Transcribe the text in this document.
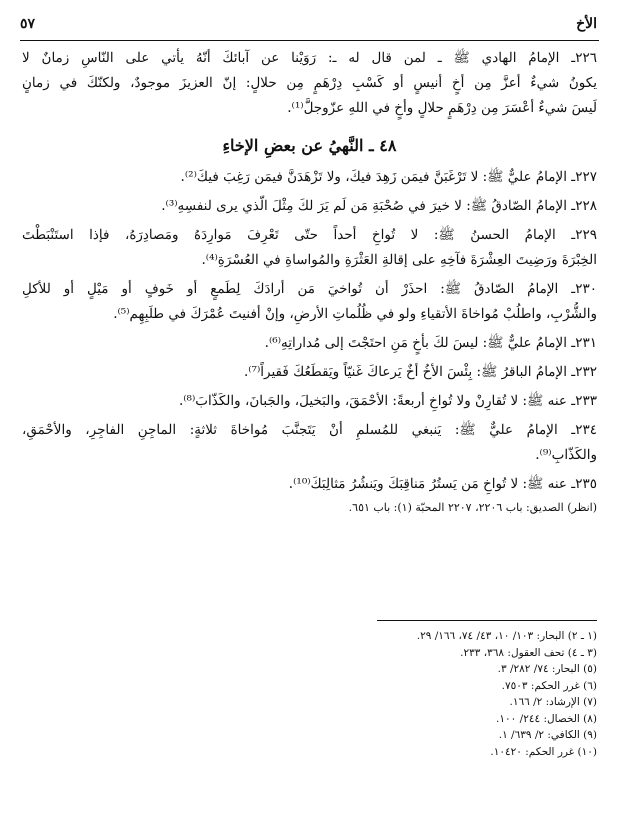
الأخ
٥٧
٢٢٦ـ الإمامُ الهادي ﷺ ـ لمن قال له ـ: رَوَيْنا عن آبائكَ أنّهُ يأتي على النّاسِ زمانٌ لا
يكونُ شيءٌ أعزَّ مِن أخٍ أنيسٍ أو كَسْبِ دِرْهَمٍ مِن حلالٍ: إنّ العزيزَ موجودٌ، ولكنّكَ في زمانٍ
لَيسَ شيءٌ أعْسَرَ مِن دِرْهَمٍ حلالٍ وأخٍ في اللهِ عزّوجلَّ⁽¹⁾.
٤٨ ـ النَّهيُ عن بعضِ الإخاءِ
٢٢٧ـ الإمامُ عليٌّ ﷺ: لا تَرْغَبَنَّ فيمَن زَهِدَ فيكَ، ولا تَزْهَدَنَّ فيمَن رَغِبَ فيكَ⁽²⁾.
٢٢٨ـ الإمامُ الصّادقُ ﷺ: لا خيرَ في صُحْبَةِ مَن لَم يَرَ لكَ مِثْلَ الّذي يرى لنفسِهِ⁽³⁾.
٢٢٩ـ الإمامُ الحسنُ ﷺ: لا تُواخِ أحداً حتّى تَعْرِفَ مَوارِدَهُ ومَصادِرَهُ، فإذا استَنْبَطْتَ
الخِبْرَةَ ورَضِيتَ العِشْرَةَ فآخِهِ على إقالةِ العَثْرَةِ والمُواساةِ في العُسْرَةِ⁽⁴⁾.
٢٣٠ـ الإمامُ الصّادقُ ﷺ: احذَرْ أن تُواخيَ مَن أرادَكَ لِطَمعٍ أو خَوفٍ أو مَيْلٍ أو للأكلِ
والشُّرْبِ، واطلُبْ مُواخاةَ الأتقياءِ ولو في ظُلُماتِ الأرضِ، وإنْ أفنيتَ عُمْرَكَ في طلَبِهِم⁽⁵⁾.
٢٣١ـ الإمامُ عليٌّ ﷺ: ليسَ لكَ بأخٍ مَنِ احتَجْتَ إلى مُداراتِهِ⁽⁶⁾.
٢٣٢ـ الإمامُ الباقرُ ﷺ: بِئْسَ الأخُ أخٌ يَرعاكَ غَنيّاً ويَقطَعُكَ فَقيراً⁽⁷⁾.
٢٣٣ـ عنه ﷺ: لا تُقارِنْ ولا تُواخِ أربعةً: الأحْمَقَ، والبَخيلَ، والجَبانَ، والكَذّابَ⁽⁸⁾.
٢٣٤ـ الإمامُ عليٌّ ﷺ: يَنبغي للمُسلمِ أنْ يَتَجنَّبَ مُواخاةَ ثلاثةٍ: الماجِنِ الفاجِرِ، والأحْمَقِ،
والكَذّابِ⁽⁹⁾.
٢٣٥ـ عنه ﷺ: لا تُواخِ مَن يَستُرُ مَناقِبَكَ ويَنشُرُ مَثالِبَكَ⁽¹⁰⁾.
(انظر) الصديق: باب ٢٢٠٦، ٢٢٠٧ المحبّة (١): باب ٦٥١.
(١ ـ ٢) البحار: ١٠٣/ ١٠، ٤٣/ ٧٤، ١٦٦/ ٢٩.
(٣ ـ ٤) تحف العقول: ٣٦٨، ٢٣٣.
(٥) البحار: ٧٤/ ٢٨٢/ ٣.
(٦) غرر الحكم: ٧٥٠٣.
(٧) الإرشاد: ٢/ ١٦٦.
(٨) الخصال: ٢٤٤/ ١٠٠.
(٩) الكافي: ٢/ ٦٣٩/ ١.
(١٠) غرر الحكم: ١٠٤٢٠.
